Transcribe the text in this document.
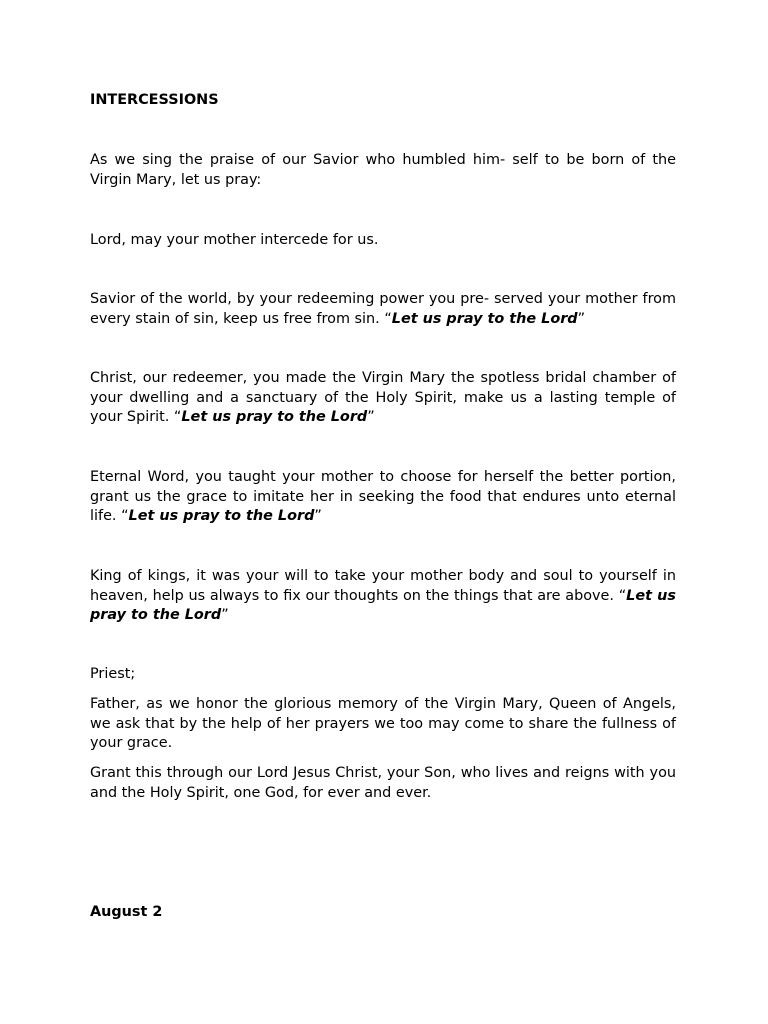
INTERCESSIONS

As we sing the praise of our Savior who humbled him- self to be born of the Virgin Mary, let us pray:

Lord, may your mother intercede for us.

Savior of the world, by your redeeming power you pre- served your mother from every stain of sin, keep us free from sin. “Let us pray to the Lord”

Christ, our redeemer, you made the Virgin Mary the spotless bridal chamber of your dwelling and a sanctuary of the Holy Spirit, make us a lasting temple of your Spirit. “Let us pray to the Lord”

Eternal Word, you taught your mother to choose for herself the better portion, grant us the grace to imitate her in seeking the food that endures unto eternal life. “Let us pray to the Lord”

King of kings, it was your will to take your mother body and soul to yourself in heaven, help us always to fix our thoughts on the things that are above. “Let us pray to the Lord”

Priest;

Father, as we honor the glorious memory of the Virgin Mary, Queen of Angels, we ask that by the help of her prayers we too may come to share the fullness of your grace.

Grant this through our Lord Jesus Christ, your Son, who lives and reigns with you and the Holy Spirit, one God, for ever and ever.

August 2
